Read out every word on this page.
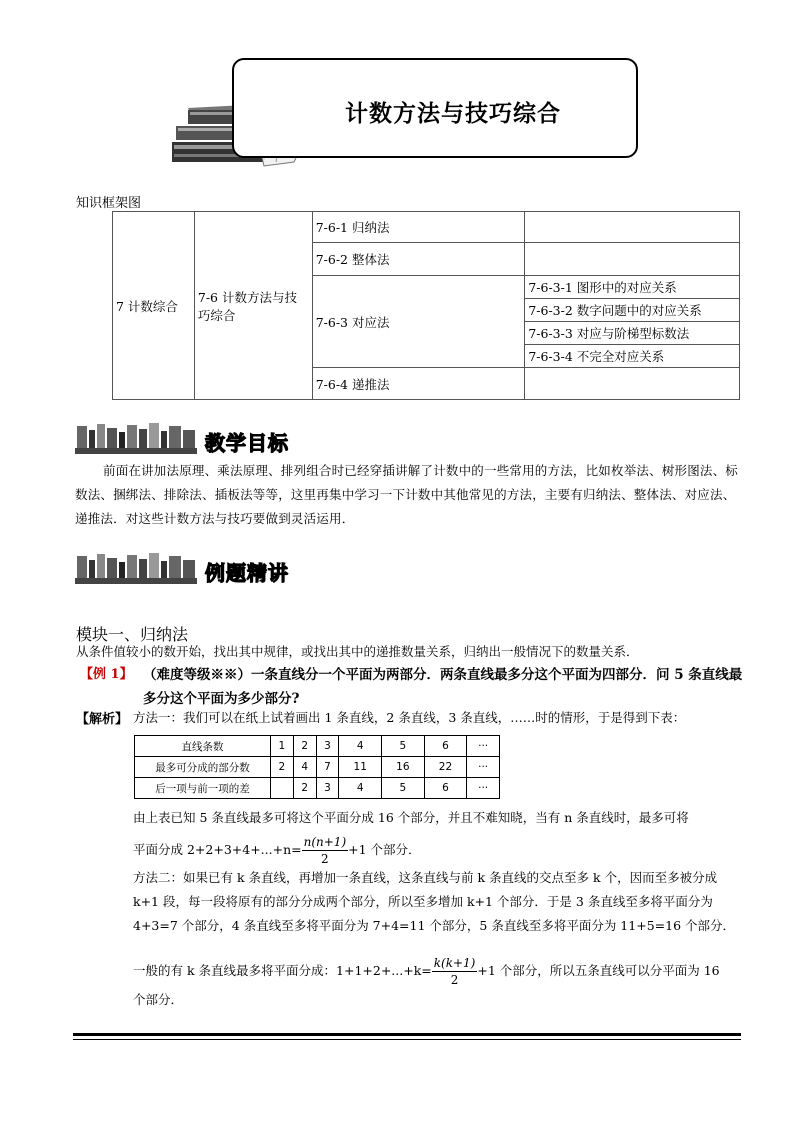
计数方法与技巧综合
知识框架图
7 计数综合	7-6 计数方法与技巧综合	7-6-1 归纳法	
		7-6-2 整体法	
		7-6-3 对应法	7-6-3-1 图形中的对应关系
			7-6-3-2 数字问题中的对应关系
			7-6-3-3 对应与阶梯型标数法
			7-6-3-4 不完全对应关系
		7-6-4 递推法	
教学目标
前面在讲加法原理、乘法原理、排列组合时已经穿插讲解了计数中的一些常用的方法，比如枚举法、树形图法、标数法、捆绑法、排除法、插板法等等，这里再集中学习一下计数中其他常见的方法，主要有归纳法、整体法、对应法、递推法．对这些计数方法与技巧要做到灵活运用．
例题精讲
模块一、归纳法
从条件值较小的数开始，找出其中规律，或找出其中的递推数量关系，归纳出一般情况下的数量关系．
【例 1】 （难度等级※※）一条直线分一个平面为两部分．两条直线最多分这个平面为四部分．问 5 条直线最多分这个平面为多少部分?
【解析】 方法一：我们可以在纸上试着画出 1 条直线，2 条直线，3 条直线，……时的情形，于是得到下表：
直线条数	1	2	3	4	5	6	···
最多可分成的部分数	2	4	7	11	16	22	···
后一项与前一项的差		2	3	4	5	6	···
由上表已知 5 条直线最多可将这个平面分成 16 个部分，并且不难知晓，当有 n 条直线时，最多可将
平面分成 $2+2+3+4+...+n= \frac{n(n+1)}{2} +1$ 个部分．
方法二：如果已有 k 条直线，再增加一条直线，这条直线与前 k 条直线的交点至多 k 个，因而至多被分成 k+1 段，每一段将原有的部分分成两个部分，所以至多增加 k+1 个部分．于是 3 条直线至多将平面分为 4+3=7 个部分，4 条直线至多将平面分为 7+4=11 个部分，5 条直线至多将平面分为 11+5=16 个部分．
一般的有 k 条直线最多将平面分成：$1+1+2+...+k= \frac{k(k+1)}{2} +1$ 个部分，所以五条直线可以分平面为 16
个部分．
